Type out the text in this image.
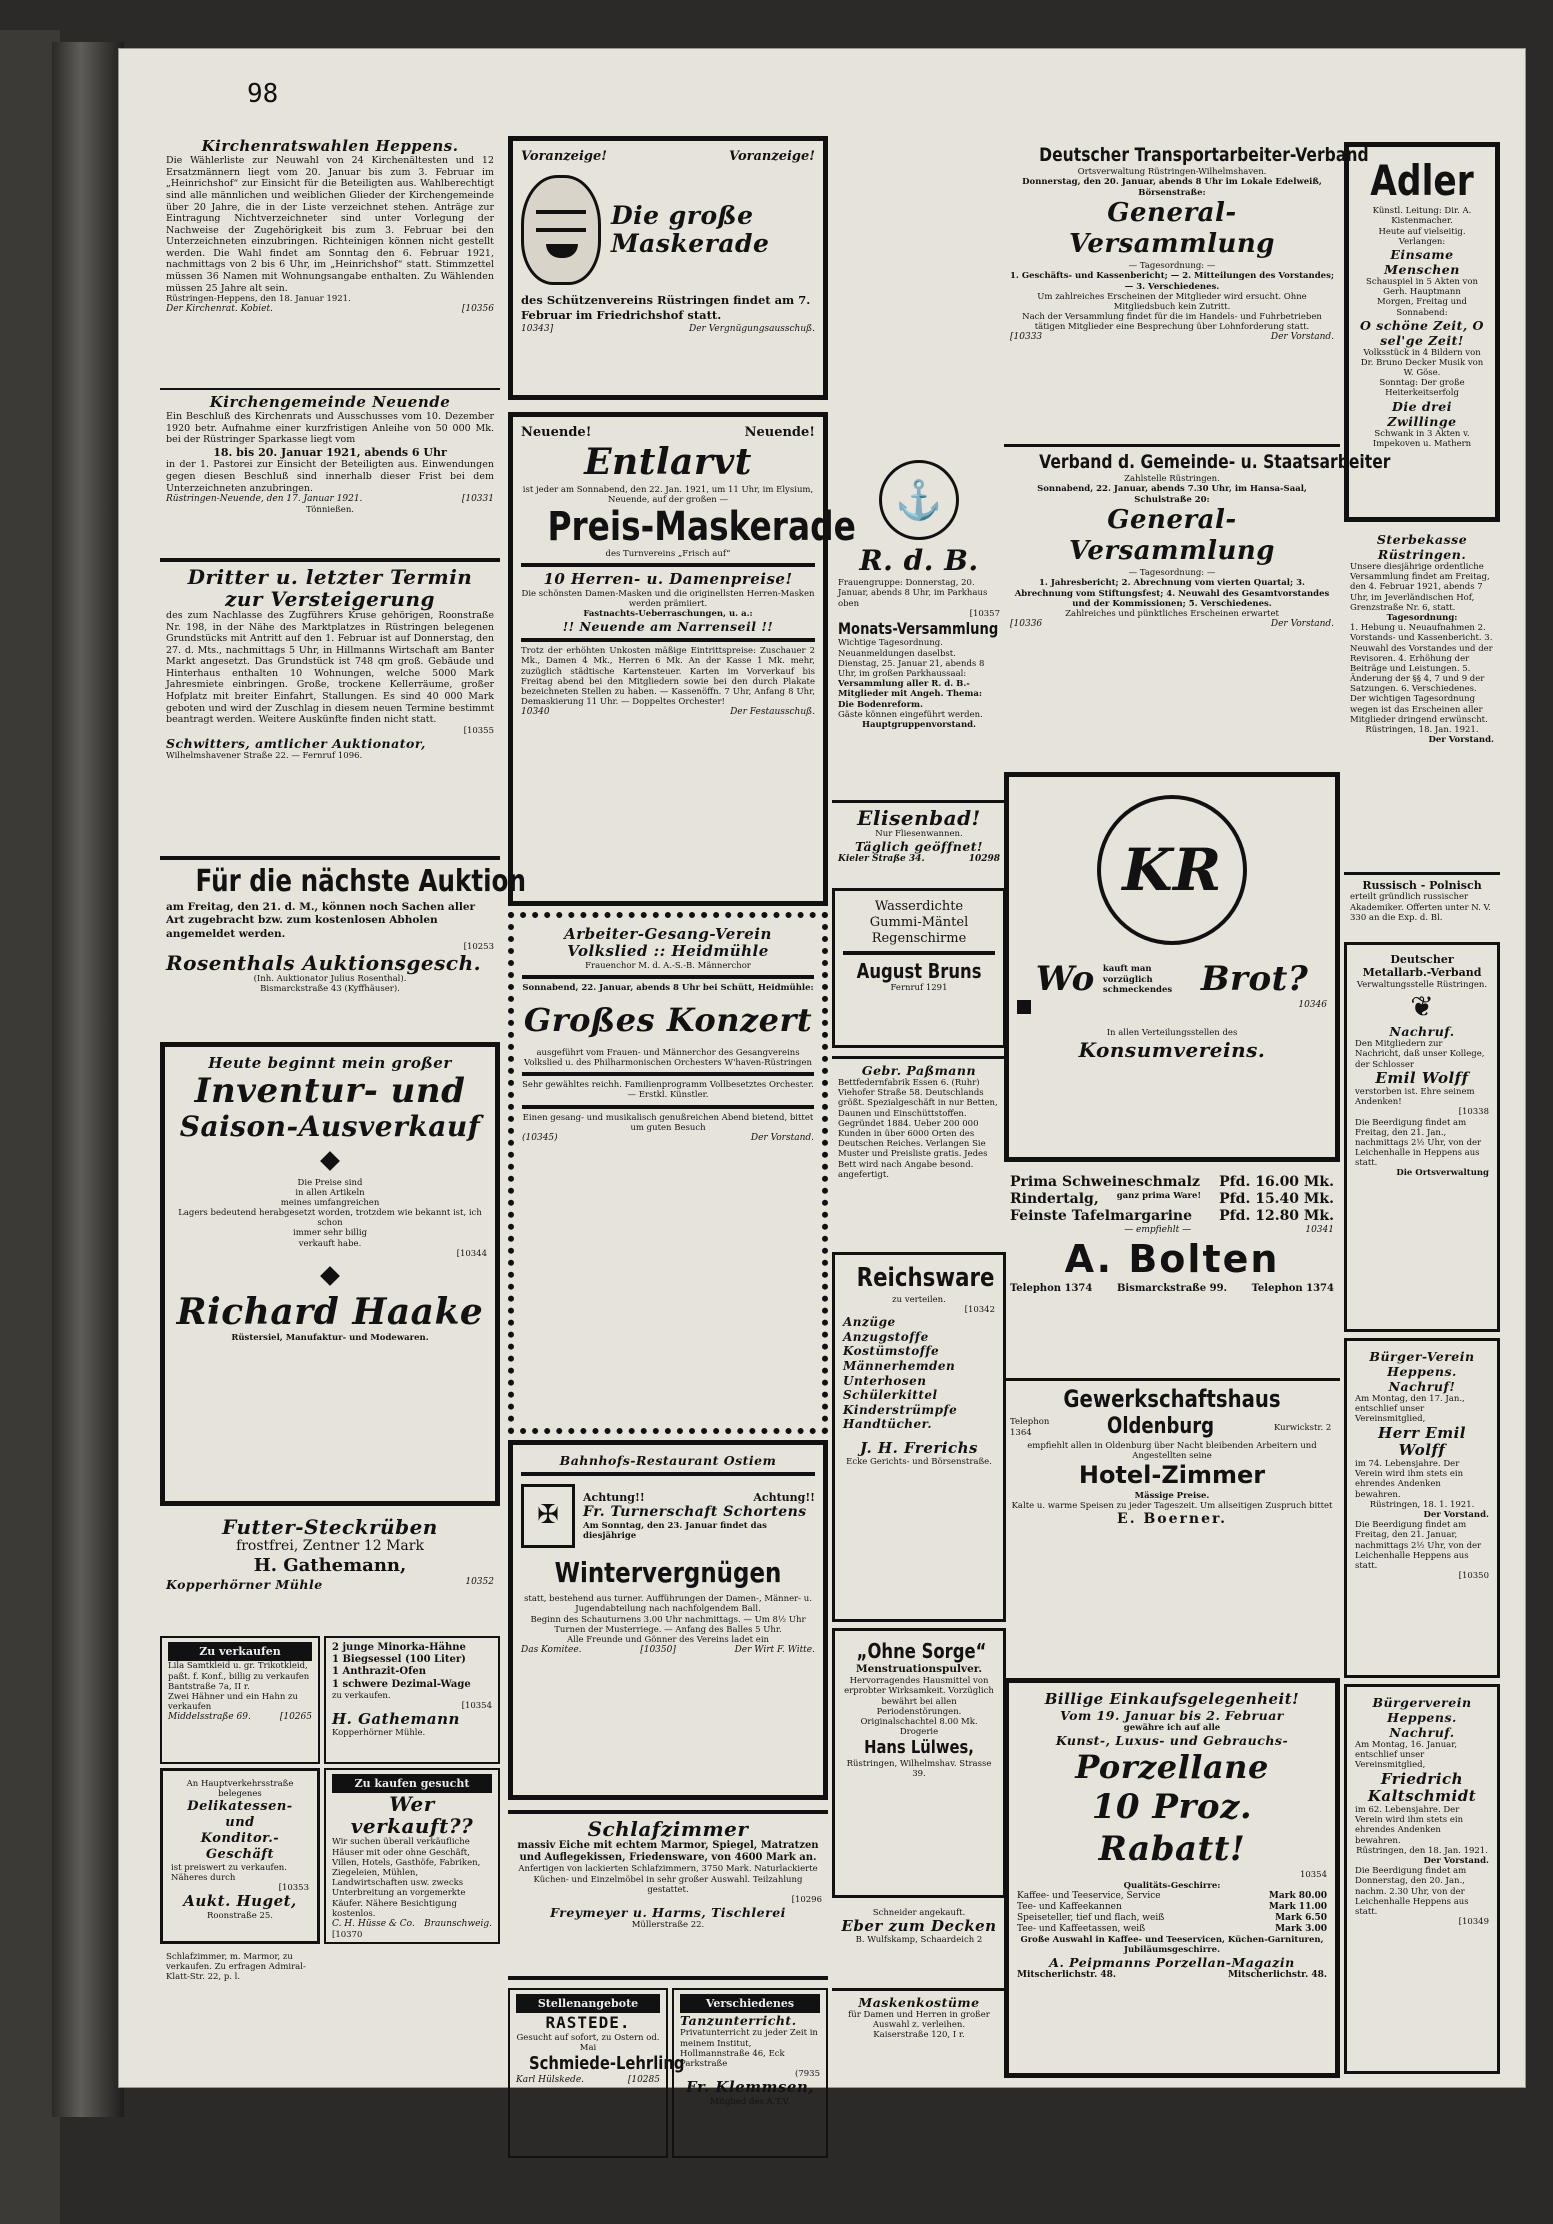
98
Kirchenratswahlen Heppens.
Die Wählerliste zur Neuwahl von 24 Kirchenältesten und 12 Ersatzmännern liegt vom 20. Januar bis zum 3. Februar im „Heinrichshof“ zur Einsicht für die Beteiligten aus. Wahlberechtigt sind alle männlichen und weiblichen Glieder der Kirchengemeinde über 20 Jahre, die in der Liste verzeichnet stehen. Anträge zur Eintragung Nichtverzeichneter sind unter Vorlegung der Nachweise der Zugehörigkeit bis zum 3. Februar bei den Unterzeichneten einzubringen. Richteinigen können nicht gestellt werden. Die Wahl findet am Sonntag den 6. Februar 1921, nachmittags von 2 bis 6 Uhr, im „Heinrichshof“ statt. Stimmzettel müssen 36 Namen mit Wohnungsangabe enthalten. Zu Wählenden müssen 25 Jahre alt sein.
Rüstringen-Heppens, den 18. Januar 1921.
Der Kirchenrat. Kobiet.	[10356
Kirchengemeinde Neuende
Ein Beschluß des Kirchenrats und Ausschusses vom 10. Dezember 1920 betr. Aufnahme einer kurzfristigen Anleihe von 50 000 Mk. bei der Rüstringer Sparkasse liegt vom
18. bis 20. Januar 1921, abends 6 Uhr
in der 1. Pastorei zur Einsicht der Beteiligten aus. Einwendungen gegen diesen Beschluß sind innerhalb dieser Frist bei dem Unterzeichneten anzubringen.
Rüstringen-Neuende, den 17. Januar 1921.	[10331
Tönnießen.
Dritter u. letzter Termin
zur Versteigerung
des zum Nachlasse des Zugführers Kruse gehörigen, Roonstraße Nr. 198, in der Nähe des Marktplatzes in Rüstringen belegenen Grundstücks mit Antritt auf den 1. Februar ist auf Donnerstag, den 27. d. Mts., nachmittags 5 Uhr, in Hillmanns Wirtschaft am Banter Markt angesetzt. Das Grundstück ist 748 qm groß. Gebäude und Hinterhaus enthalten 10 Wohnungen, welche 5000 Mark Jahresmiete einbringen. Große, trockene Kellerräume, großer Hofplatz mit breiter Einfahrt, Stallungen. Es sind 40 000 Mark geboten und wird der Zuschlag in diesem neuen Termine bestimmt beantragt werden. Weitere Auskünfte finden nicht statt.
[10355
Schwitters, amtlicher Auktionator,
Wilhelmshavener Straße 22. — Fernruf 1096.
Für die nächste Auktion
am Freitag, den 21. d. M., können noch Sachen aller Art zugebracht bzw. zum kostenlosen Abholen angemeldet werden.
[10253
Rosenthals Auktionsgesch.
(Inh. Auktionator Julius Rosenthal).
Bismarckstraße 43 (Kyffhäuser).
Heute beginnt mein großer
Inventur- und
Saison-Ausverkauf
Die Preise sind
in allen Artikeln
meines umfangreichen
Lagers bedeutend herabgesetzt worden, trotzdem wie bekannt ist, ich schon
immer sehr billig
verkauft habe.
[10344
Richard Haake
Rüstersiel, Manufaktur- und Modewaren.
Futter-Steckrüben
frostfrei, Zentner 12 Mark
H. Gathemann,
Kopperhörner Mühle	10352
Zu verkaufen
Lila Samtkleid u. gr. Trikotkleid, paßt. f. Konf., billig zu verkaufen Bantstraße 7a, II r.
Zwei Hähner und ein Hahn zu verkaufen
Middelsstraße 69.	[10265
2 junge Minorka-Hähne
1 Biegsessel (100 Liter)
1 Anthrazit-Ofen
1 schwere Dezimal-Wage
zu verkaufen.
[10354
H. Gathemann
Kopperhörner Mühle.
An Hauptverkehrsstraße belegenes
Delikatessen- und
Konditor.-Geschäft
ist preiswert zu verkaufen. Näheres durch
[10353
Aukt. Huget,
Roonstraße 25.
Zu kaufen gesucht
Wer verkauft??
Wir suchen überall verkäufliche Häuser mit oder ohne Geschäft, Villen, Hotels, Gasthöfe, Fabriken, Ziegeleien, Mühlen, Landwirtschaften usw. zwecks Unterbreitung an vorgemerkte Käufer. Nähere Besichtigung kostenlos.
C. H. Hüsse & Co. Braunschweig.
[10370
Schlafzimmer, m. Marmor, zu verkaufen. Zu erfragen Admiral-Klatt-Str. 22, p. l.
Voranzeige!	Voranzeige!
Die große Maskerade
des Schützenvereins Rüstringen findet am 7. Februar im Friedrichshof statt.
10343]	Der Vergnügungsausschuß.
Neuende!	Neuende!
Entlarvt
ist jeder am Sonnabend, den 22. Jan. 1921, um 11 Uhr, im Elysium, Neuende, auf der großen —
Preis-Maskerade
des Turnvereins „Frisch auf“
10 Herren- u. Damenpreise!
Die schönsten Damen-Masken und die originellsten Herren-Masken werden prämiiert.
Fastnachts-Ueberraschungen, u. a.:
!! Neuende am Narrenseil !!
Trotz der erhöhten Unkosten mäßige Eintrittspreise: Zuschauer 2 Mk., Damen 4 Mk., Herren 6 Mk. An der Kasse 1 Mk. mehr, zuzüglich städtische Kartensteuer. Karten im Vorverkauf bis Freitag abend bei den Mitgliedern sowie bei den durch Plakate bezeichneten Stellen zu haben. — Kassenöffn. 7 Uhr, Anfang 8 Uhr, Demaskierung 11 Uhr. — Doppeltes Orchester!
10340	Der Festausschuß.
Arbeiter-Gesang-Verein
Volkslied :: Heidmühle
Frauenchor M. d. A.-S.-B. Männerchor
Sonnabend, 22. Januar, abends 8 Uhr bei Schütt, Heidmühle:
Großes Konzert
ausgeführt vom Frauen- und Männerchor des Gesangvereins Volkslied u. des Philharmonischen Orchesters W'haven-Rüstringen
Sehr gewähltes reichh. Familienprogramm Vollbesetztes Orchester. — Erstkl. Künstler.
Einen gesang- und musikalisch genußreichen Abend bietend, bittet um guten Besuch
(10345)	Der Vorstand.
Bahnhofs-Restaurant Ostiem
✠
Achtung!!	Achtung!!
Fr. Turnerschaft Schortens
Am Sonntag, den 23. Januar findet das diesjährige
Wintervergnügen
statt, bestehend aus turner. Aufführungen der Damen-, Männer- u. Jugendabteilung nach nachfolgendem Ball.
Beginn des Schauturnens 3.00 Uhr nachmittags. — Um 8½ Uhr Turnen der Musterriege. — Anfang des Balles 5 Uhr.
Alle Freunde und Gönner des Vereins ladet ein
Das Komitee.	[10350]	Der Wirt F. Witte.
Schlafzimmer
massiv Eiche mit echtem Marmor, Spiegel, Matratzen und Auflegekissen, Friedensware, von 4600 Mark an.
Anfertigen von lackierten Schlafzimmern, 3750 Mark. Naturlackierte Küchen- und Einzelmöbel in sehr großer Auswahl. Teilzahlung gestattet.
[10296
Freymeyer u. Harms, Tischlerei
Müllerstraße 22.
Stellenangebote
RASTEDE.
Gesucht auf sofort, zu Ostern od. Mai
Schmiede-Lehrling
Karl Hülskede.	[10285
Verschiedenes
Tanzunterricht.
Privatunterricht zu jeder Zeit in meinem Institut, Hollmannstraße 46, Eck Parkstraße
(7935
Fr. Klemmsen,
Mitglied des A.T.V.
⚓
R. d. B.
Frauengruppe: Donnerstag, 20. Januar, abends 8 Uhr, im Parkhaus oben
[10357
Monats-Versammlung
Wichtige Tagesordnung. Neuanmeldungen daselbst.
Dienstag, 25. Januar 21, abends 8 Uhr, im großen Parkhaussaal:
Versammlung aller R. d. B.-Mitglieder mit Angeh. Thema: Die Bodenreform.
Gäste können eingeführt werden.
Hauptgruppenvorstand.
Elisenbad!
Nur Fliesenwannen.
Täglich geöffnet!
Kieler Straße 34.	10298
Wasserdichte
Gummi-Mäntel
Regenschirme
August Bruns
Fernruf 1291
Gebr. Paßmann
Bettfedernfabrik Essen 6. (Ruhr) Viehofer Straße 58. Deutschlands größt. Spezialgeschäft in nur Betten, Daunen und Einschüttstoffen. Gegründet 1884. Ueber 200 000 Kunden in über 6000 Orten des Deutschen Reiches. Verlangen Sie Muster und Preisliste gratis. Jedes Bett wird nach Angabe besond. angefertigt.
Reichsware
zu verteilen.
[10342
Anzüge
Anzugstoffe
Kostümstoffe
Männerhemden
Unterhosen
Schülerkittel
Kinderstrümpfe
Handtücher.
J. H. Frerichs
Ecke Gerichts- und Börsenstraße.
„Ohne Sorge“
Menstruationspulver.
Hervorragendes Hausmittel von erprobter Wirksamkeit. Vorzüglich bewährt bei allen Periodenstörungen. Originalschachtel 8.00 Mk.
Drogerie
Hans Lülwes,
Rüstringen, Wilhelmshav. Strasse 39.
Schneider angekauft.
Eber zum Decken
B. Wulfskamp, Schaardeich 2
Maskenkostüme
für Damen und Herren in großer Auswahl z. verleihen.
Kaiserstraße 120, I r.
Deutscher Transportarbeiter-Verband
Ortsverwaltung Rüstringen-Wilhelmshaven.
Donnerstag, den 20. Januar, abends 8 Uhr im Lokale Edelweiß, Börsenstraße:
General-Versammlung
— Tagesordnung: —
1. Geschäfts- und Kassenbericht; — 2. Mitteilungen des Vorstandes; — 3. Verschiedenes.
Um zahlreiches Erscheinen der Mitglieder wird ersucht. Ohne Mitgliedsbuch kein Zutritt.
Nach der Versammlung findet für die im Handels- und Fuhrbetrieben tätigen Mitglieder eine Besprechung über Lohnforderung statt.
[10333	Der Vorstand.
Verband d. Gemeinde- u. Staatsarbeiter
Zahlstelle Rüstringen.
Sonnabend, 22. Januar, abends 7.30 Uhr, im Hansa-Saal, Schulstraße 20:
General-Versammlung
— Tagesordnung: —
1. Jahresbericht; 2. Abrechnung vom vierten Quartal; 3. Abrechnung vom Stiftungsfest; 4. Neuwahl des Gesamtvorstandes und der Kommissionen; 5. Verschiedenes.
Zahlreiches und pünktliches Erscheinen erwartet
[10336	Der Vorstand.
KR
Wo kauft man vorzüglich schmeckendes Brot?
10346
In allen Verteilungsstellen des
Konsumvereins.
Prima Schweineschmalz Pfd. 16.00 Mk.
Rindertalg, ganz prima Ware! Pfd. 15.40 Mk.
Feinste Tafelmargarine Pfd. 12.80 Mk.
— empfiehlt —	10341
A. Bolten
Telephon 1374 Bismarckstraße 99. Telephon 1374
Gewerkschaftshaus
Telephon 1364	Oldenburg	Kurwickstr. 2
empfiehlt allen in Oldenburg über Nacht bleibenden Arbeitern und Angestellten seine
Hotel-Zimmer
Mässige Preise.
Kalte u. warme Speisen zu jeder Tageszeit. Um allseitigen Zuspruch bittet
E. Boerner.
Billige Einkaufsgelegenheit!
Vom 19. Januar bis 2. Februar
gewähre ich auf alle
Kunst-, Luxus- und Gebrauchs-
Porzellane
10 Proz. Rabatt!
10354
Qualitäts-Geschirre:
Kaffee- und Teeservice, Service	Mark 80.00
Tee- und Kaffeekannen	Mark 11.00
Speiseteller, tief und flach, weiß	Mark 6.50
Tee- und Kaffeetassen, weiß	Mark 3.00
Große Auswahl in Kaffee- und Teeservicen, Küchen-Garnituren, Jubiläumsgeschirre.
A. Peipmanns Porzellan-Magazin
Mitscherlichstr. 48.	Mitscherlichstr. 48.
Adler
Künstl. Leitung: Dir. A. Kistenmacher.
Heute auf vielseitig. Verlangen:
Einsame Menschen
Schauspiel in 5 Akten von Gerh. Hauptmann
Morgen, Freitag und Sonnabend:
O schöne Zeit, O sel'ge Zeit!
Volksstück in 4 Bildern von Dr. Bruno Decker Musik von W. Göse.
Sonntag: Der große Heiterkeitserfolg
Die drei Zwillinge
Schwank in 3 Akten v. Impekoven u. Mathern
Sterbekasse Rüstringen.
Unsere diesjährige ordentliche Versammlung findet am Freitag, den 4. Februar 1921, abends 7 Uhr, im Jeverländischen Hof, Grenzstraße Nr. 6, statt.
Tagesordnung:
1. Hebung u. Neuaufnahmen 2. Vorstands- und Kassenbericht. 3. Neuwahl des Vorstandes und der Revisoren. 4. Erhöhung der Beiträge und Leistungen. 5. Änderung der §§ 4, 7 und 9 der Satzungen. 6. Verschiedenes.
Der wichtigen Tagesordnung wegen ist das Erscheinen aller Mitglieder dringend erwünscht.
Rüstringen, 18. Jan. 1921.
Der Vorstand.
Russisch - Polnisch
erteilt gründlich russischer Akademiker. Offerten unter N. V. 330 an die Exp. d. Bl.
Deutscher
Metallarb.-Verband
Verwaltungsstelle Rüstringen.
❦
Nachruf.
Den Mitgliedern zur Nachricht, daß unser Kollege, der Schlosser
Emil Wolff
verstorben ist. Ehre seinem Andenken!
[10338
Die Beerdigung findet am Freitag, den 21. Jan., nachmittags 2½ Uhr, von der Leichenhalle in Heppens aus statt.
Die Ortsverwaltung
Bürger-Verein Heppens.
Nachruf!
Am Montag, den 17. Jan., entschlief unser Vereinsmitglied,
Herr Emil Wolff
im 74. Lebensjahre. Der Verein wird ihm stets ein ehrendes Andenken bewahren.
Rüstringen, 18. 1. 1921.
Der Vorstand.
Die Beerdigung findet am Freitag, den 21. Januar, nachmittags 2½ Uhr, von der Leichenhalle Heppens aus statt.
[10350
Bürgerverein Heppens.
Nachruf.
Am Montag, 16. Januar, entschlief unser Vereinsmitglied,
Friedrich Kaltschmidt
im 62. Lebensjahre. Der Verein wird ihm stets ein ehrendes Andenken bewahren.
Rüstringen, den 18. Jan. 1921.
Der Vorstand.
Die Beerdigung findet am Donnerstag, den 20. Jan., nachm. 2.30 Uhr, von der Leichenhalle Heppens aus statt.
[10349
